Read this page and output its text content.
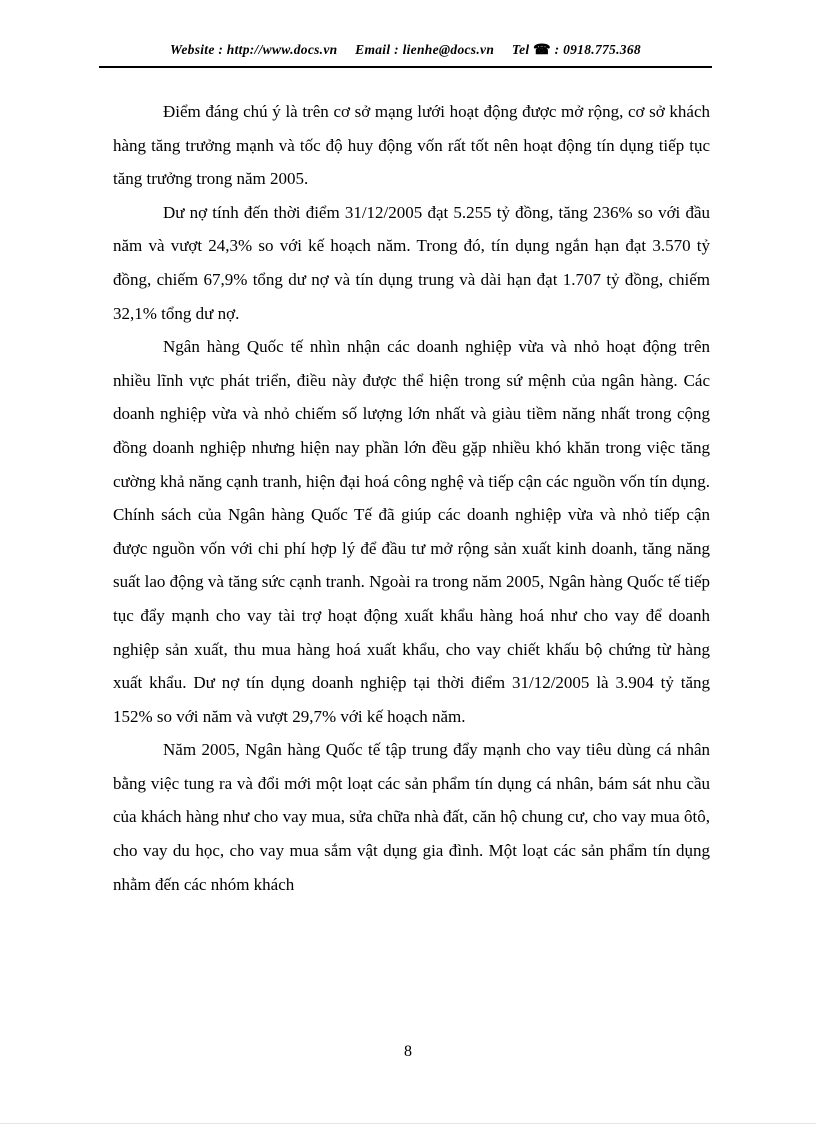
Website : http://www.docs.vn Email : lienhe@docs.vn Tel ☎ : 0918.775.368

Điểm đáng chú ý là trên cơ sở mạng lưới hoạt động được mở rộng, cơ sở khách hàng tăng trưởng mạnh và tốc độ huy động vốn rất tốt nên hoạt động tín dụng tiếp tục tăng trưởng trong năm 2005.

Dư nợ tính đến thời điểm 31/12/2005 đạt 5.255 tỷ đồng, tăng 236% so với đầu năm và vượt 24,3% so với kế hoạch năm. Trong đó, tín dụng ngắn hạn đạt 3.570 tỷ đồng, chiếm 67,9% tổng dư nợ và tín dụng trung và dài hạn đạt 1.707 tỷ đồng, chiếm 32,1% tổng dư nợ.

Ngân hàng Quốc tế nhìn nhận các doanh nghiệp vừa và nhỏ hoạt động trên nhiều lĩnh vực phát triển, điều này được thể hiện trong sứ mệnh của ngân hàng. Các doanh nghiệp vừa và nhỏ chiếm số lượng lớn nhất và giàu tiềm năng nhất trong cộng đồng doanh nghiệp nhưng hiện nay phần lớn đều gặp nhiều khó khăn trong việc tăng cường khả năng cạnh tranh, hiện đại hoá công nghệ và tiếp cận các nguồn vốn tín dụng. Chính sách của Ngân hàng Quốc Tế đã giúp các doanh nghiệp vừa và nhỏ tiếp cận được nguồn vốn với chi phí hợp lý để đầu tư mở rộng sản xuất kinh doanh, tăng năng suất lao động và tăng sức cạnh tranh. Ngoài ra trong năm 2005, Ngân hàng Quốc tế tiếp tục đẩy mạnh cho vay tài trợ hoạt động xuất khẩu hàng hoá như cho vay để doanh nghiệp sản xuất, thu mua hàng hoá xuất khẩu, cho vay chiết khấu bộ chứng từ hàng xuất khẩu. Dư nợ tín dụng doanh nghiệp tại thời điểm 31/12/2005 là 3.904 tỷ tăng 152% so với năm và vượt 29,7% với kế hoạch năm.

Năm 2005, Ngân hàng Quốc tế tập trung đẩy mạnh cho vay tiêu dùng cá nhân bằng việc tung ra và đổi mới một loạt các sản phẩm tín dụng cá nhân, bám sát nhu cầu của khách hàng như cho vay mua, sửa chữa nhà đất, căn hộ chung cư, cho vay mua ôtô, cho vay du học, cho vay mua sắm vật dụng gia đình. Một loạt các sản phẩm tín dụng nhằm đến các nhóm khách

8
